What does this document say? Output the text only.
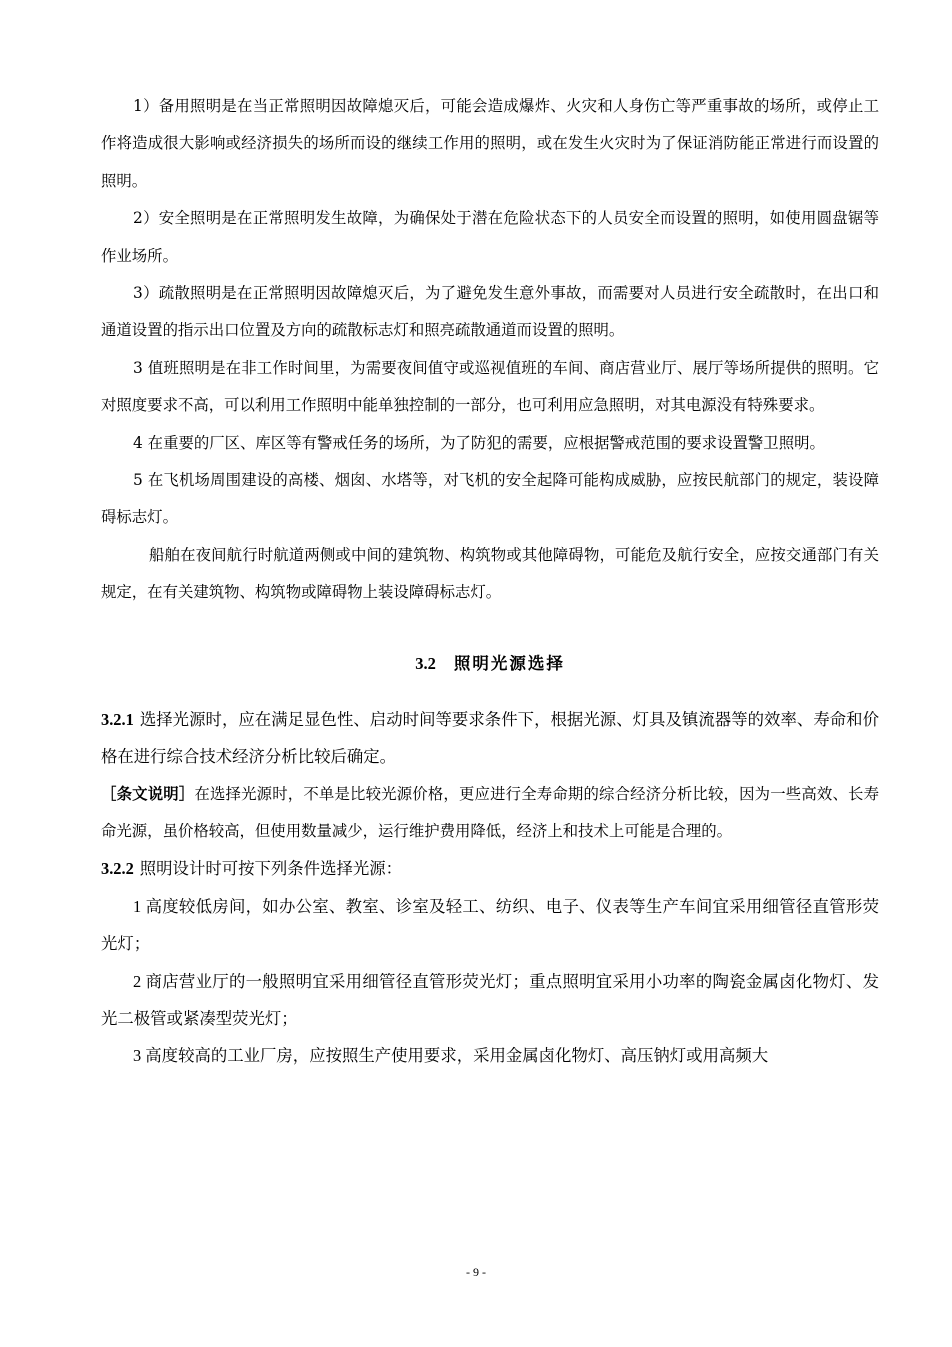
1）备用照明是在当正常照明因故障熄灭后，可能会造成爆炸、火灾和人身伤亡等严重事故的场所，或停止工作将造成很大影响或经济损失的场所而设的继续工作用的照明，或在发生火灾时为了保证消防能正常进行而设置的照明。

2）安全照明是在正常照明发生故障，为确保处于潜在危险状态下的人员安全而设置的照明，如使用圆盘锯等作业场所。

3）疏散照明是在正常照明因故障熄灭后，为了避免发生意外事故，而需要对人员进行安全疏散时，在出口和通道设置的指示出口位置及方向的疏散标志灯和照亮疏散通道而设置的照明。

3 值班照明是在非工作时间里，为需要夜间值守或巡视值班的车间、商店营业厅、展厅等场所提供的照明。它对照度要求不高，可以利用工作照明中能单独控制的一部分，也可利用应急照明，对其电源没有特殊要求。

4 在重要的厂区、库区等有警戒任务的场所，为了防犯的需要，应根据警戒范围的要求设置警卫照明。

5 在飞机场周围建设的高楼、烟囱、水塔等，对飞机的安全起降可能构成威胁，应按民航部门的规定，装设障碍标志灯。

船舶在夜间航行时航道两侧或中间的建筑物、构筑物或其他障碍物，可能危及航行安全，应按交通部门有关规定，在有关建筑物、构筑物或障碍物上装设障碍标志灯。

3.2 照明光源选择

3.2.1 选择光源时，应在满足显色性、启动时间等要求条件下，根据光源、灯具及镇流器等的效率、寿命和价格在进行综合技术经济分析比较后确定。

［条文说明］在选择光源时，不单是比较光源价格，更应进行全寿命期的综合经济分析比较，因为一些高效、长寿命光源，虽价格较高，但使用数量减少，运行维护费用降低，经济上和技术上可能是合理的。

3.2.2 照明设计时可按下列条件选择光源：

1 高度较低房间，如办公室、教室、诊室及轻工、纺织、电子、仪表等生产车间宜采用细管径直管形荧光灯；

2 商店营业厅的一般照明宜采用细管径直管形荧光灯；重点照明宜采用小功率的陶瓷金属卤化物灯、发光二极管或紧凑型荧光灯；

3 高度较高的工业厂房，应按照生产使用要求，采用金属卤化物灯、高压钠灯或用高频大

- 9 -
